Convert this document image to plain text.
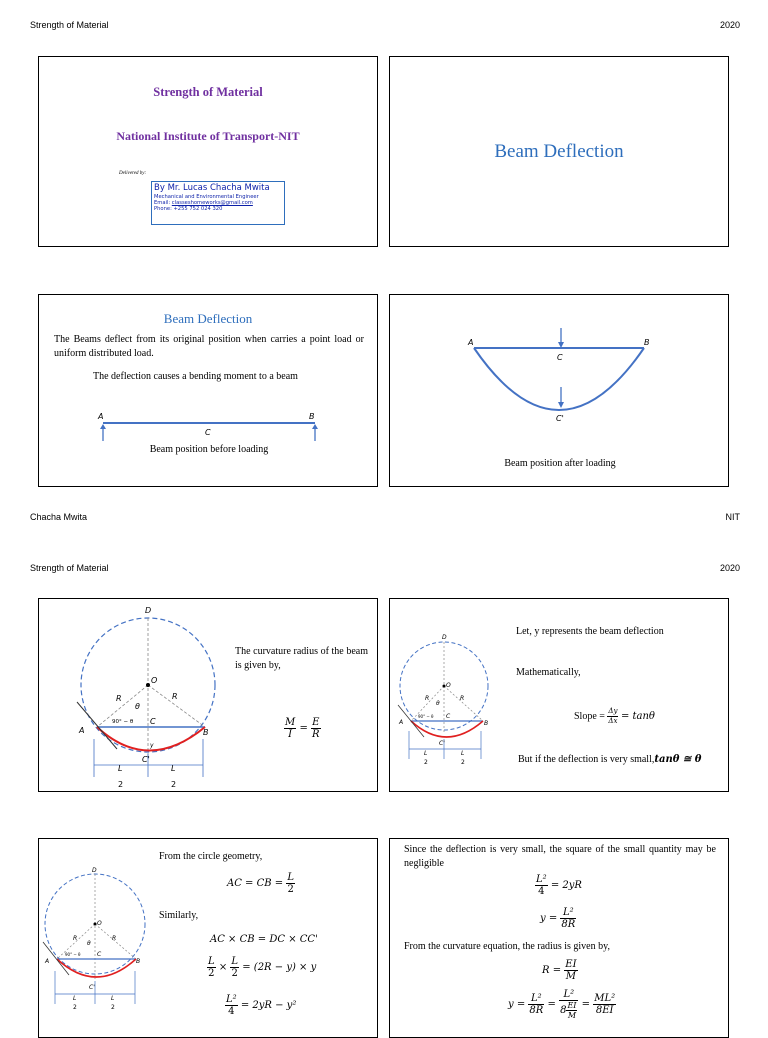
Strength of Material	2020
Chacha Mwita	NIT
Strength of Material	2020
Strength of Material
National Institute of Transport-NIT
Delivered by:
By Mr. Lucas Chacha Mwita
Mechanical and Environmental Engineer
Email: classeshomeworks@gmail.com
Phone: +255 752 024 320
Beam Deflection
Beam Deflection
The Beams deflect from its original position when carries a point load or uniform distributed load.
The deflection causes a bending moment to a beam
A	B
C
Beam position before loading
A	B
C
C'
Beam position after loading
D
O
R	R
θ
90° − θ C
A	B
C'
y
L
2
L
2
The curvature radius of the beam is given by,
$\frac{M}{I} = \frac{E}{R}$
D
O
R	R
θ
90° − θ C
A	B
C'
L
2
L
2
Let, y represents the beam deflection
Mathematically,
Slope = $\frac{\Delta y}{\Delta x} = \tan\theta$
But if the deflection is very small,tanθ ≅ θ
D
O
R	R
θ
90° − θ	C
A	B
C'
L
2
L
2
From the circle geometry,
AC = CB = $\frac{L}{2}$
Similarly,
AC × CB = DC × CC'
$\frac{L}{2} \times \frac{L}{2} = (2R - y) \times y$
$\frac{\text{L²}}{4} = 2yR - y^2$
Since the deflection is very small, the square of the small quantity may be negligible
$\frac{\text{L²}}{4} = 2yR$
$y = \frac{\text{L²}}{8R}$
From the curvature equation, the radius is given by,
$R = \frac{EI}{M}$
$y = \frac{\text{L²}}{8R} = \frac{\text{L²}}{8 \frac{EI}{M}} = \frac{\text{ML²}}{8EI}$
